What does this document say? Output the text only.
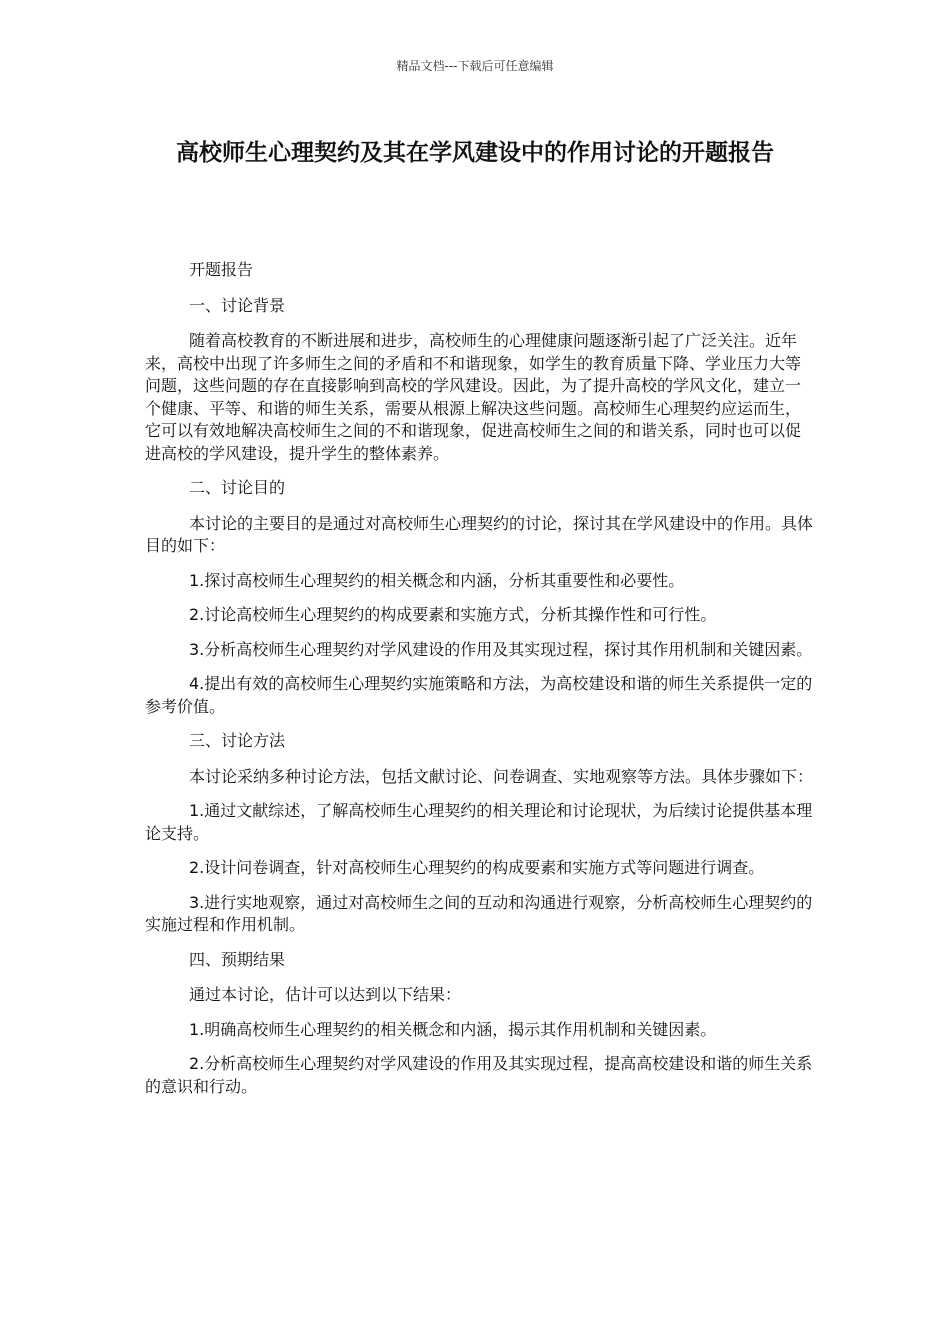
精品文档---下载后可任意编辑
高校师生心理契约及其在学风建设中的作用讨论的开题报告

开题报告

一、讨论背景

随着高校教育的不断进展和进步，高校师生的心理健康问题逐渐引起了广泛关注。近年来，高校中出现了许多师生之间的矛盾和不和谐现象，如学生的教育质量下降、学业压力大等问题，这些问题的存在直接影响到高校的学风建设。因此，为了提升高校的学风文化，建立一个健康、平等、和谐的师生关系，需要从根源上解决这些问题。高校师生心理契约应运而生，它可以有效地解决高校师生之间的不和谐现象，促进高校师生之间的和谐关系，同时也可以促进高校的学风建设，提升学生的整体素养。

二、讨论目的

本讨论的主要目的是通过对高校师生心理契约的讨论，探讨其在学风建设中的作用。具体目的如下：

1.探讨高校师生心理契约的相关概念和内涵，分析其重要性和必要性。

2.讨论高校师生心理契约的构成要素和实施方式，分析其操作性和可行性。

3.分析高校师生心理契约对学风建设的作用及其实现过程，探讨其作用机制和关键因素。

4.提出有效的高校师生心理契约实施策略和方法，为高校建设和谐的师生关系提供一定的参考价值。

三、讨论方法

本讨论采纳多种讨论方法，包括文献讨论、问卷调查、实地观察等方法。具体步骤如下：

1.通过文献综述，了解高校师生心理契约的相关理论和讨论现状，为后续讨论提供基本理论支持。

2.设计问卷调查，针对高校师生心理契约的构成要素和实施方式等问题进行调查。

3.进行实地观察，通过对高校师生之间的互动和沟通进行观察，分析高校师生心理契约的实施过程和作用机制。

四、预期结果

通过本讨论，估计可以达到以下结果：

1.明确高校师生心理契约的相关概念和内涵，揭示其作用机制和关键因素。

2.分析高校师生心理契约对学风建设的作用及其实现过程，提高高校建设和谐的师生关系的意识和行动。
